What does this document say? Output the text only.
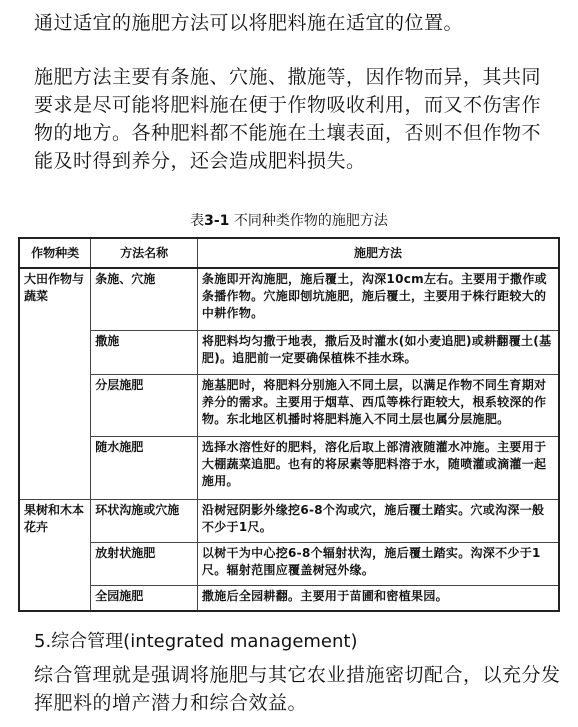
通过适宜的施肥方法可以将肥料施在适宜的位置。

施肥方法主要有条施、穴施、撒施等，因作物而异，其共同要求是尽可能将肥料施在便于作物吸收利用，而又不伤害作物的地方。各种肥料都不能施在土壤表面，否则不但作物不能及时得到养分，还会造成肥料损失。

表3-1 不同种类作物的施肥方法
作物种类	方法名称	施肥方法
大田作物与蔬菜	条施、穴施	条施即开沟施肥，施后覆土，沟深10cm左右。主要用于撒作或条播作物。穴施即刨坑施肥，施后覆土，主要用于株行距较大的中耕作物。
	撒施	将肥料均匀撒于地表，撒后及时灌水(如小麦追肥)或耕翻覆土(基肥)。追肥前一定要确保植株不挂水珠。
	分层施肥	施基肥时，将肥料分别施入不同土层，以满足作物不同生育期对养分的需求。主要用于烟草、西瓜等株行距较大，根系较深的作物。东北地区机播时将肥料施入不同土层也属分层施肥。
	随水施肥	选择水溶性好的肥料，溶化后取上部清液随灌水冲施。主要用于大棚蔬菜追肥。也有的将尿素等肥料溶于水，随喷灌或滴灌一起施用。
果树和木本花卉	环状沟施或穴施	沿树冠阴影外缘挖6-8个沟或穴，施后覆土踏实。穴或沟深一般不少于1尺。
	放射状施肥	以树干为中心挖6-8个辐射状沟，施后覆土踏实。沟深不少于1尺。辐射范围应覆盖树冠外缘。
	全园施肥	撒施后全园耕翻。主要用于苗圃和密植果园。
5.综合管理(integrated management)

综合管理就是强调将施肥与其它农业措施密切配合，以充分发挥肥料的增产潜力和综合效益。
